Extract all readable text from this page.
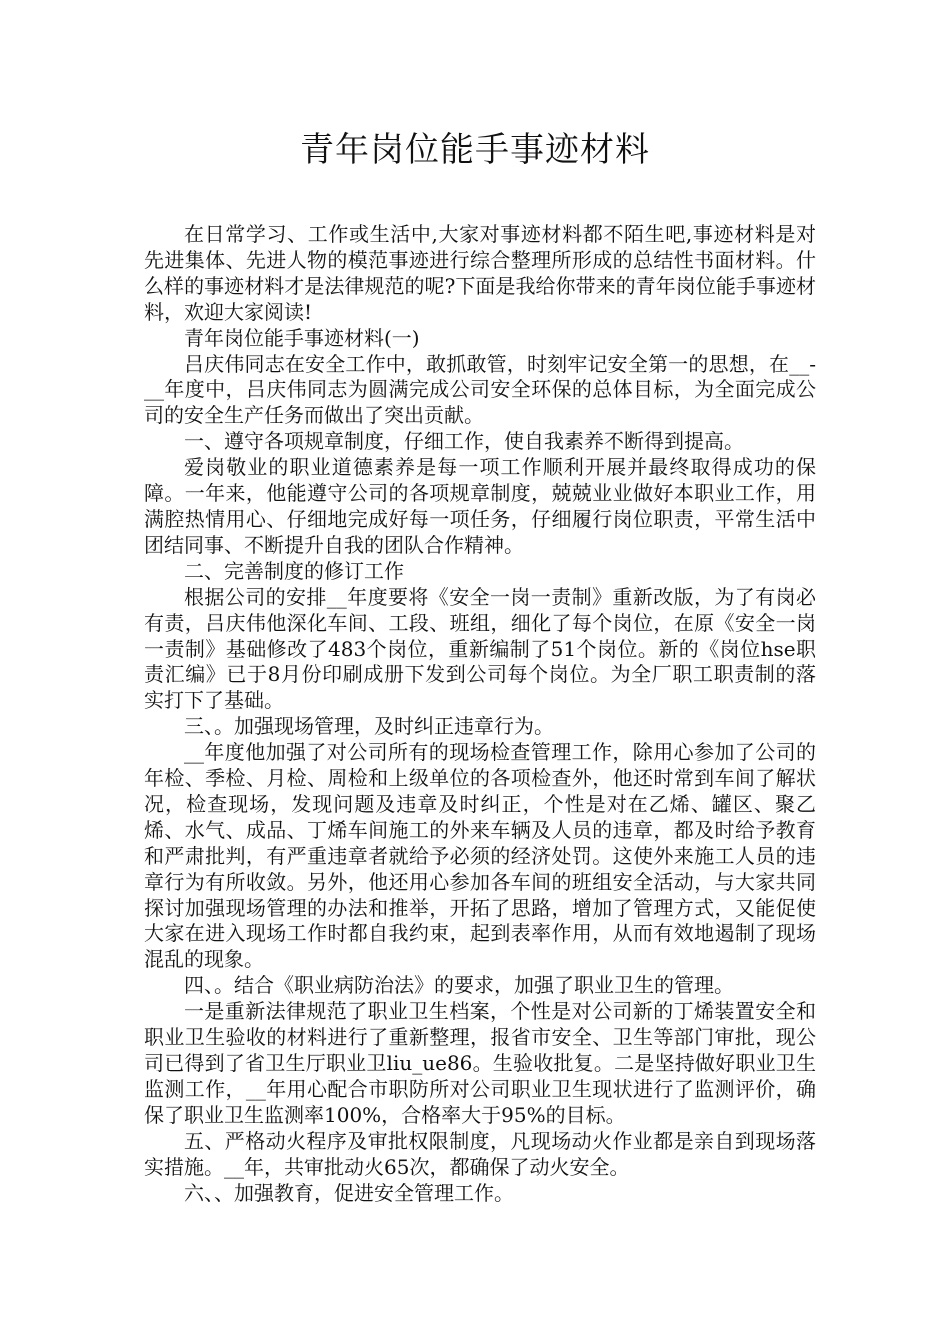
青年岗位能手事迹材料

在日常学习、工作或生活中,大家对事迹材料都不陌生吧,事迹材料是对先进集体、先进人物的模范事迹进行综合整理所形成的总结性书面材料。什么样的事迹材料才是法律规范的呢?下面是我给你带来的青年岗位能手事迹材料，欢迎大家阅读!

青年岗位能手事迹材料(一)

吕庆伟同志在安全工作中，敢抓敢管，时刻牢记安全第一的思想，在__-__年度中，吕庆伟同志为圆满完成公司安全环保的总体目标，为全面完成公司的安全生产任务而做出了突出贡献。

一、遵守各项规章制度，仔细工作，使自我素养不断得到提高。

爱岗敬业的职业道德素养是每一项工作顺利开展并最终取得成功的保障。一年来，他能遵守公司的各项规章制度，兢兢业业做好本职业工作，用满腔热情用心、仔细地完成好每一项任务，仔细履行岗位职责，平常生活中团结同事、不断提升自我的团队合作精神。

二、完善制度的修订工作

根据公司的安排__年度要将《安全一岗一责制》重新改版，为了有岗必有责，吕庆伟他深化车间、工段、班组，细化了每个岗位，在原《安全一岗一责制》基础修改了483个岗位，重新编制了51个岗位。新的《岗位hse职责汇编》已于8月份印刷成册下发到公司每个岗位。为全厂职工职责制的落实打下了基础。

三、。加强现场管理，及时纠正违章行为。

__年度他加强了对公司所有的现场检查管理工作，除用心参加了公司的年检、季检、月检、周检和上级单位的各项检查外，他还时常到车间了解状况，检查现场，发现问题及违章及时纠正，个性是对在乙烯、罐区、聚乙烯、水气、成品、丁烯车间施工的外来车辆及人员的违章，都及时给予教育和严肃批判，有严重违章者就给予必须的经济处罚。这使外来施工人员的违章行为有所收敛。另外，他还用心参加各车间的班组安全活动，与大家共同探讨加强现场管理的办法和推举，开拓了思路，增加了管理方式，又能促使大家在进入现场工作时都自我约束，起到表率作用，从而有效地遏制了现场混乱的现象。

四、。结合《职业病防治法》的要求，加强了职业卫生的管理。

一是重新法律规范了职业卫生档案，个性是对公司新的丁烯装置安全和职业卫生验收的材料进行了重新整理，报省市安全、卫生等部门审批，现公司已得到了省卫生厅职业卫liu_ue86。生验收批复。二是坚持做好职业卫生监测工作，__年用心配合市职防所对公司职业卫生现状进行了监测评价，确保了职业卫生监测率100%，合格率大于95%的目标。

五、严格动火程序及审批权限制度，凡现场动火作业都是亲自到现场落实措施。__年，共审批动火65次，都确保了动火安全。

六、、加强教育，促进安全管理工作。
